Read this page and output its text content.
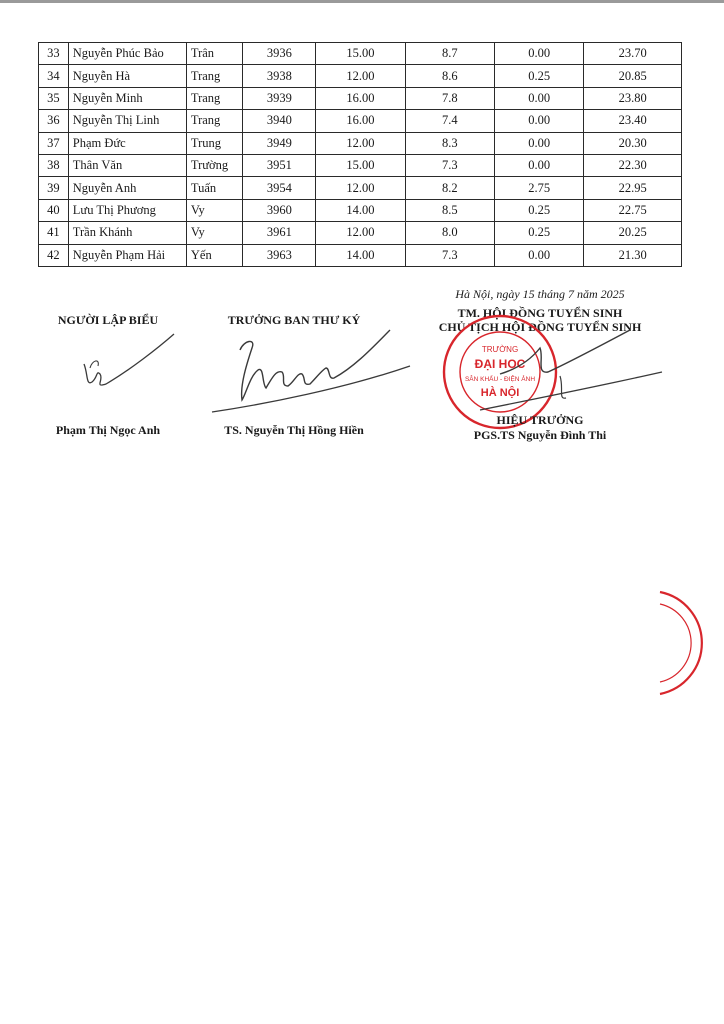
33	Nguyễn Phúc Bảo	Trân	3936	15.00	8.7	0.00	23.70
34	Nguyễn Hà	Trang	3938	12.00	8.6	0.25	20.85
35	Nguyễn Minh	Trang	3939	16.00	7.8	0.00	23.80
36	Nguyễn Thị Linh	Trang	3940	16.00	7.4	0.00	23.40
37	Phạm Đức	Trung	3949	12.00	8.3	0.00	20.30
38	Thân Văn	Trường	3951	15.00	7.3	0.00	22.30
39	Nguyễn Anh	Tuấn	3954	12.00	8.2	2.75	22.95
40	Lưu Thị Phương	Vy	3960	14.00	8.5	0.25	22.75
41	Trần Khánh	Vy	3961	12.00	8.0	0.25	20.25
42	Nguyễn Phạm Hải	Yến	3963	14.00	7.3	0.00	21.30
NGƯỜI LẬP BIỂU
Phạm Thị Ngọc Anh
TRƯỞNG BAN THƯ KÝ
TS. Nguyễn Thị Hồng Hiền
Hà Nội, ngày 15 tháng 7 năm 2025
TM. HỘI ĐỒNG TUYỂN SINH
CHỦ TỊCH HỘI ĐỒNG TUYỂN SINH
TRƯỜNG
ĐẠI HỌC
SÂN KHẤU - ĐIỆN ẢNH
HÀ NỘI
HIỆU TRƯỞNG
PGS.TS Nguyễn Đình Thi
